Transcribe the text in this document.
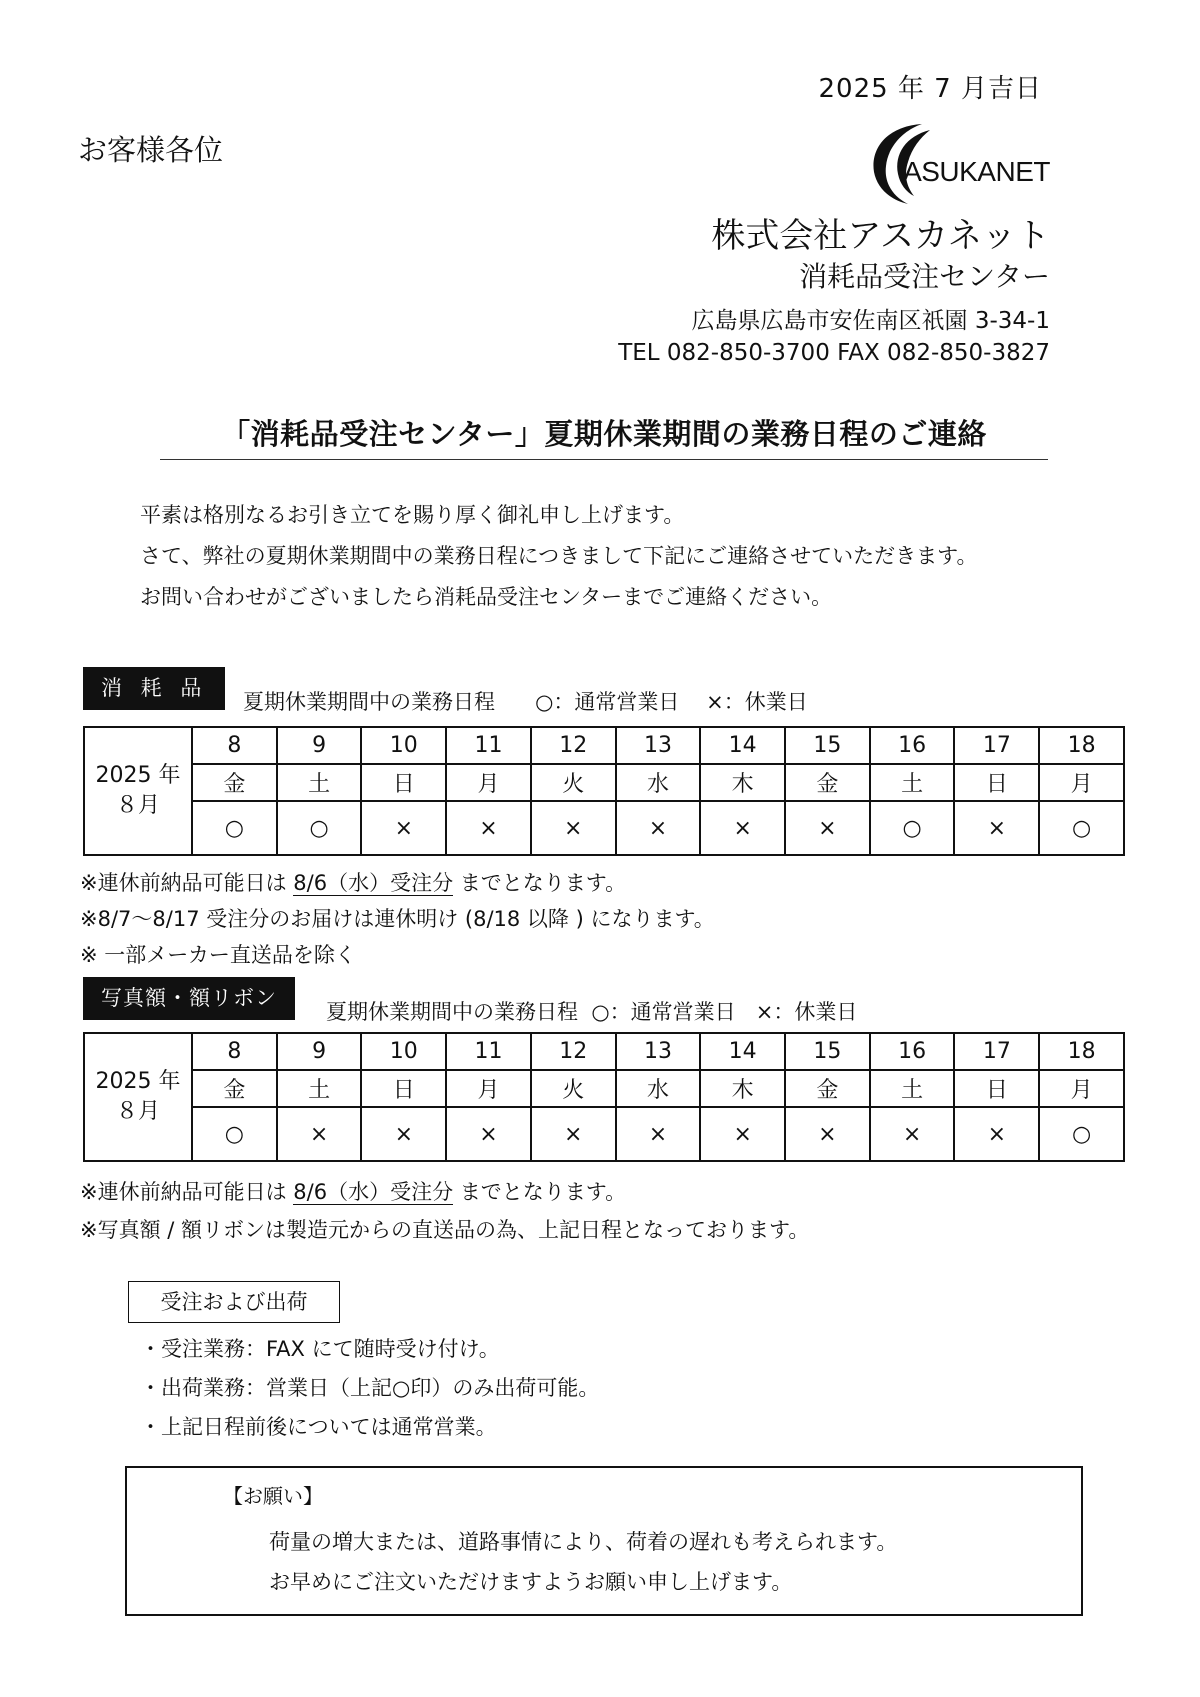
2025 年 7 月吉日
お客様各位
ASUKANET
株式会社アスカネット
消耗品受注センター
広島県広島市安佐南区祇園 3-34-1
TEL 082-850-3700 FAX 082-850-3827
「消耗品受注センター」夏期休業期間の業務日程のご連絡
平素は格別なるお引き立てを賜り厚く御礼申し上げます。
さて、弊社の夏期休業期間中の業務日程につきまして下記にご連絡させていただきます。
お問い合わせがございましたら消耗品受注センターまでご連絡ください。
消 耗 品
夏期休業期間中の業務日程 ○：通常営業日 ×：休業日
2025 年
８月	8	9	10	11	12	13	14	15	16	17	18
	金	土	日	月	火	水	木	金	土	日	月
	○	○	×	×	×	×	×	×	○	×	○
※連休前納品可能日は 8/6（水）受注分 までとなります。
※8/7〜8/17 受注分のお届けは連休明け (8/18 以降 ) になります。
※ 一部メーカー直送品を除く
写真額・額リボン
夏期休業期間中の業務日程 ○：通常営業日 ×：休業日
2025 年
８月	8	9	10	11	12	13	14	15	16	17	18
	金	土	日	月	火	水	木	金	土	日	月
	○	×	×	×	×	×	×	×	×	×	○
※連休前納品可能日は 8/6（水）受注分 までとなります。
※写真額 / 額リボンは製造元からの直送品の為、上記日程となっております。
受注および出荷
・受注業務：FAX にて随時受け付け。
・出荷業務：営業日（上記○印）のみ出荷可能。
・上記日程前後については通常営業。
【お願い】
荷量の増大または、道路事情により、荷着の遅れも考えられます。
お早めにご注文いただけますようお願い申し上げます。
